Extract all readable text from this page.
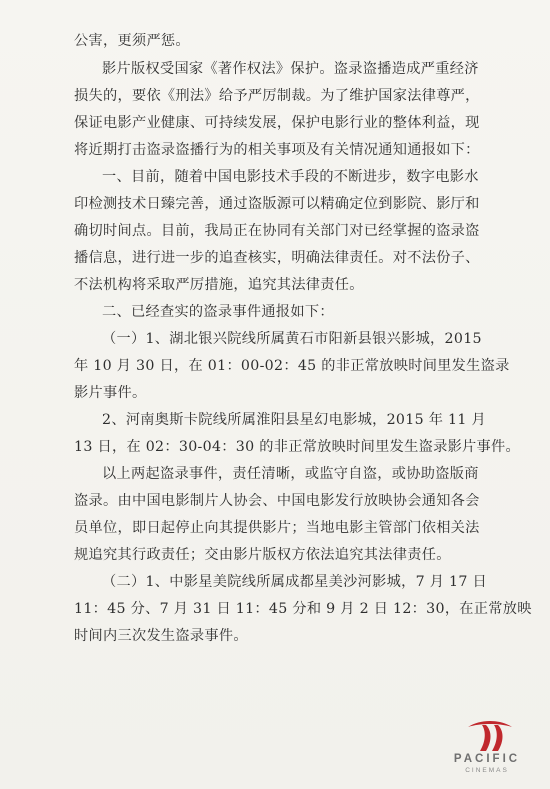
公害，更须严惩。
影片版权受国家《著作权法》保护。盗录盗播造成严重经济
损失的，要依《刑法》给予严厉制裁。为了维护国家法律尊严，
保证电影产业健康、可持续发展，保护电影行业的整体利益，现
将近期打击盗录盗播行为的相关事项及有关情况通知通报如下：
一、目前，随着中国电影技术手段的不断进步，数字电影水
印检测技术日臻完善，通过盗版源可以精确定位到影院、影厅和
确切时间点。目前，我局正在协同有关部门对已经掌握的盗录盗
播信息，进行进一步的追查核实，明确法律责任。对不法份子、
不法机构将采取严厉措施，追究其法律责任。
二、已经查实的盗录事件通报如下：
（一）1、湖北银兴院线所属黄石市阳新县银兴影城，2015
年 10 月 30 日，在 01：00-02：45 的非正常放映时间里发生盗录
影片事件。
2、河南奥斯卡院线所属淮阳县星幻电影城，2015 年 11 月
13 日，在 02：30-04：30 的非正常放映时间里发生盗录影片事件。
以上两起盗录事件，责任清晰，或监守自盗，或协助盗版商
盗录。由中国电影制片人协会、中国电影发行放映协会通知各会
员单位，即日起停止向其提供影片；当地电影主管部门依相关法
规追究其行政责任；交由影片版权方依法追究其法律责任。
（二）1、中影星美院线所属成都星美沙河影城，7 月 17 日
11：45 分、7 月 31 日 11：45 分和 9 月 2 日 12：30，在正常放映
时间内三次发生盗录事件。
PACIFIC
CINEMAS
